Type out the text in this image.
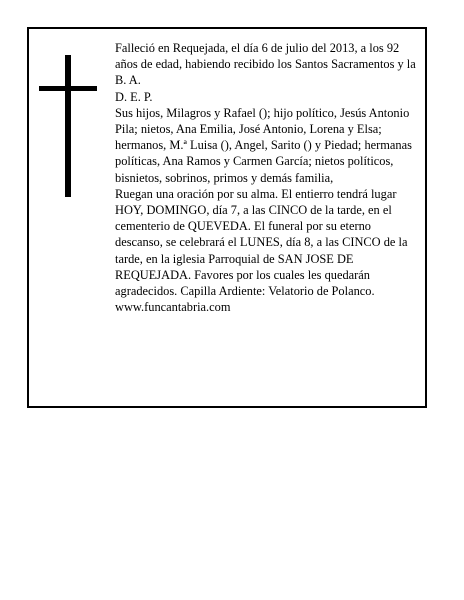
Falleció en Requejada, el día 6 de julio del 2013, a los 92 años de edad, habiendo recibido los Santos Sacramentos y la B. A.

D. E. P.

Sus hijos, Milagros y Rafael (); hijo político, Jesús Antonio Pila; nietos, Ana Emilia, José Antonio, Lorena y Elsa; hermanos, M.ª Luisa (), Angel, Sarito () y Piedad; hermanas políticas, Ana Ramos y Carmen García; nietos políticos, bisnietos, sobrinos, primos y demás familia,

Ruegan una oración por su alma. El entierro tendrá lugar HOY, DOMINGO, día 7, a las CINCO de la tarde, en el cementerio de QUEVEDA. El funeral por su eterno descanso, se celebrará el LUNES, día 8, a las CINCO de la tarde, en la iglesia Parroquial de SAN JOSE DE REQUEJADA. Favores por los cuales les quedarán agradecidos. Capilla Ardiente: Velatorio de Polanco.

www.funcantabria.com
